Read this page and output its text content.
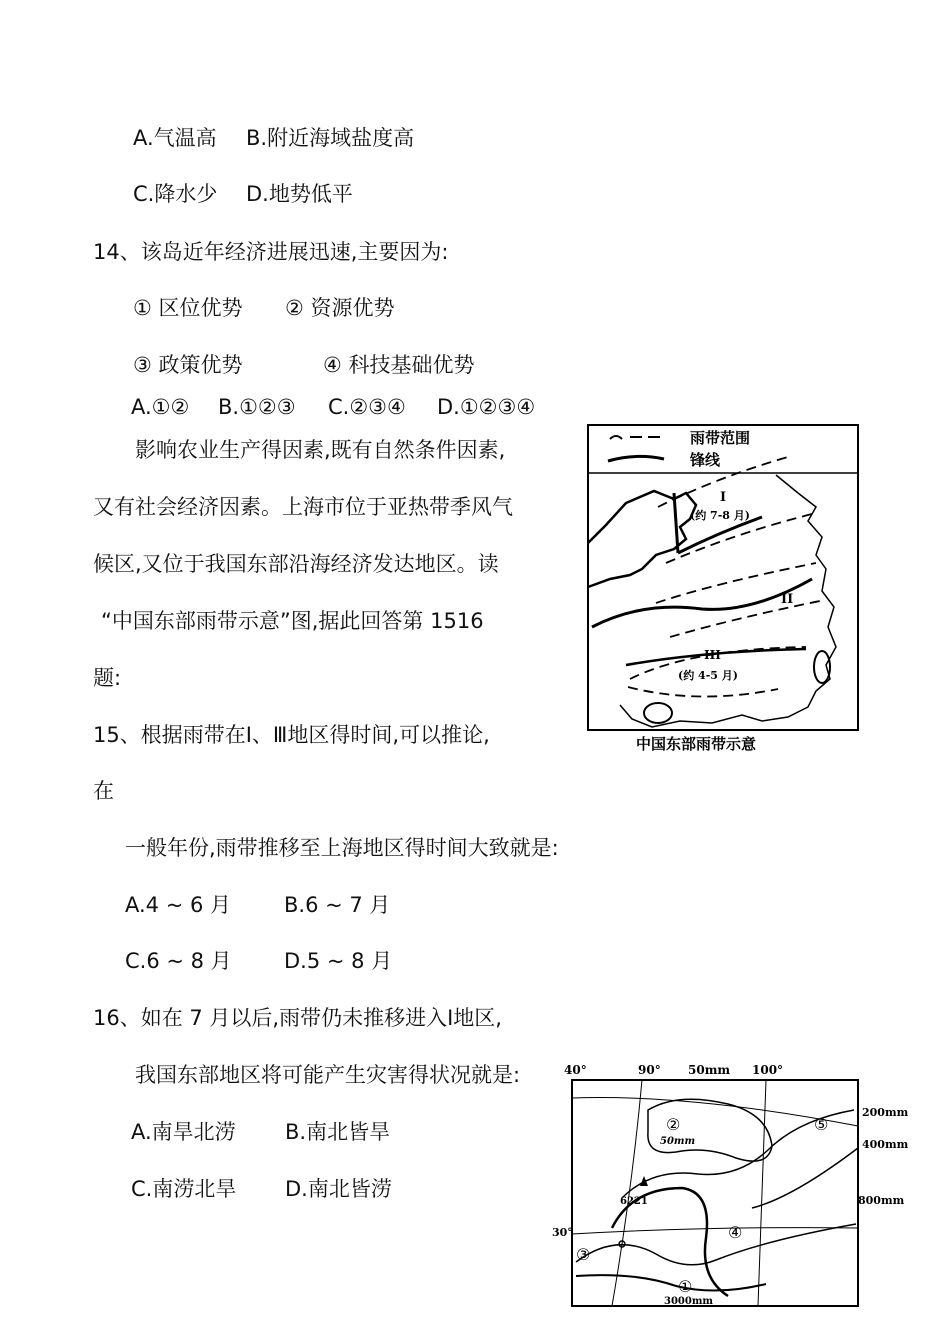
A.气温高 B.附近海域盐度高
C.降水少 D.地势低平
14、该岛近年经济进展迅速,主要因为:
① 区位优势 ② 资源优势
③ 政策优势	④ 科技基础优势
A.①② B.①②③ C.②③④ D.①②③④
影响农业生产得因素,既有自然条件因素,
又有社会经济因素。上海市位于亚热带季风气
候区,又位于我国东部沿海经济发达地区。读
“中国东部雨带示意”图,据此回答第 1516
题:
15、根据雨带在Ⅰ、Ⅲ地区得时间,可以推论,
在
一般年份,雨带推移至上海地区得时间大致就是:
A.4 ~ 6 月	B.6 ~ 7 月
C.6 ~ 8 月 D.5 ~ 8 月
16、如在 7 月以后,雨带仍未推移进入Ⅰ地区,
我国东部地区将可能产生灾害得状况就是:
A.南旱北涝 B.南北皆旱
C.南涝北旱 D.南北皆涝
雨带范围
锋线
I
(约 7-8 月)
II
III
(约 4-5 月)
中国东部雨带示意
40°	90° 50mm 100°
30°
6221
50mm
200mm
400mm
800mm
3000mm
②	⑤
④
③
①
